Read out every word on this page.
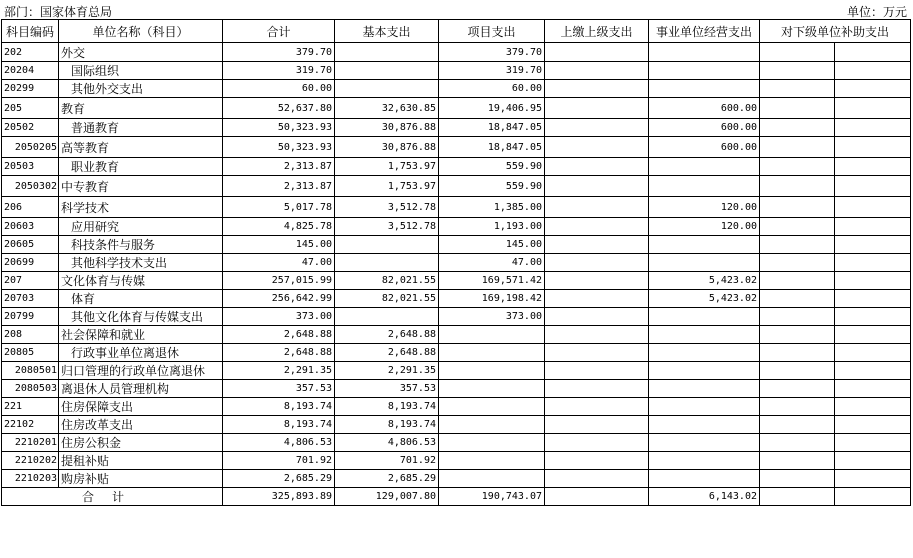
部门：国家体育总局	单位：万元
科目编码	单位名称（科目）	合计	基本支出	项目支出	上缴上级支出	事业单位经营支出	对下级单位补助支出	
202	外交	379.70		379.70				
20204	国际组织	319.70		319.70				
20299	其他外交支出	60.00		60.00				
205	教育	52,637.80	32,630.85	19,406.95		600.00		
20502	普通教育	50,323.93	30,876.88	18,847.05		600.00		
2050205	高等教育	50,323.93	30,876.88	18,847.05		600.00		
20503	职业教育	2,313.87	1,753.97	559.90				
2050302	中专教育	2,313.87	1,753.97	559.90				
206	科学技术	5,017.78	3,512.78	1,385.00		120.00		
20603	应用研究	4,825.78	3,512.78	1,193.00		120.00		
20605	科技条件与服务	145.00		145.00				
20699	其他科学技术支出	47.00		47.00				
207	文化体育与传媒	257,015.99	82,021.55	169,571.42		5,423.02		
20703	体育	256,642.99	82,021.55	169,198.42		5,423.02		
20799	其他文化体育与传媒支出	373.00		373.00				
208	社会保障和就业	2,648.88	2,648.88					
20805	行政事业单位离退休	2,648.88	2,648.88					
2080501	归口管理的行政单位离退休	2,291.35	2,291.35					
2080503	离退休人员管理机构	357.53	357.53					
221	住房保障支出	8,193.74	8,193.74					
22102	住房改革支出	8,193.74	8,193.74					
2210201	住房公积金	4,806.53	4,806.53					
2210202	提租补贴	701.92	701.92					
2210203	购房补贴	2,685.29	2,685.29					
合计		325,893.89	129,007.80	190,743.07		6,143.02		
